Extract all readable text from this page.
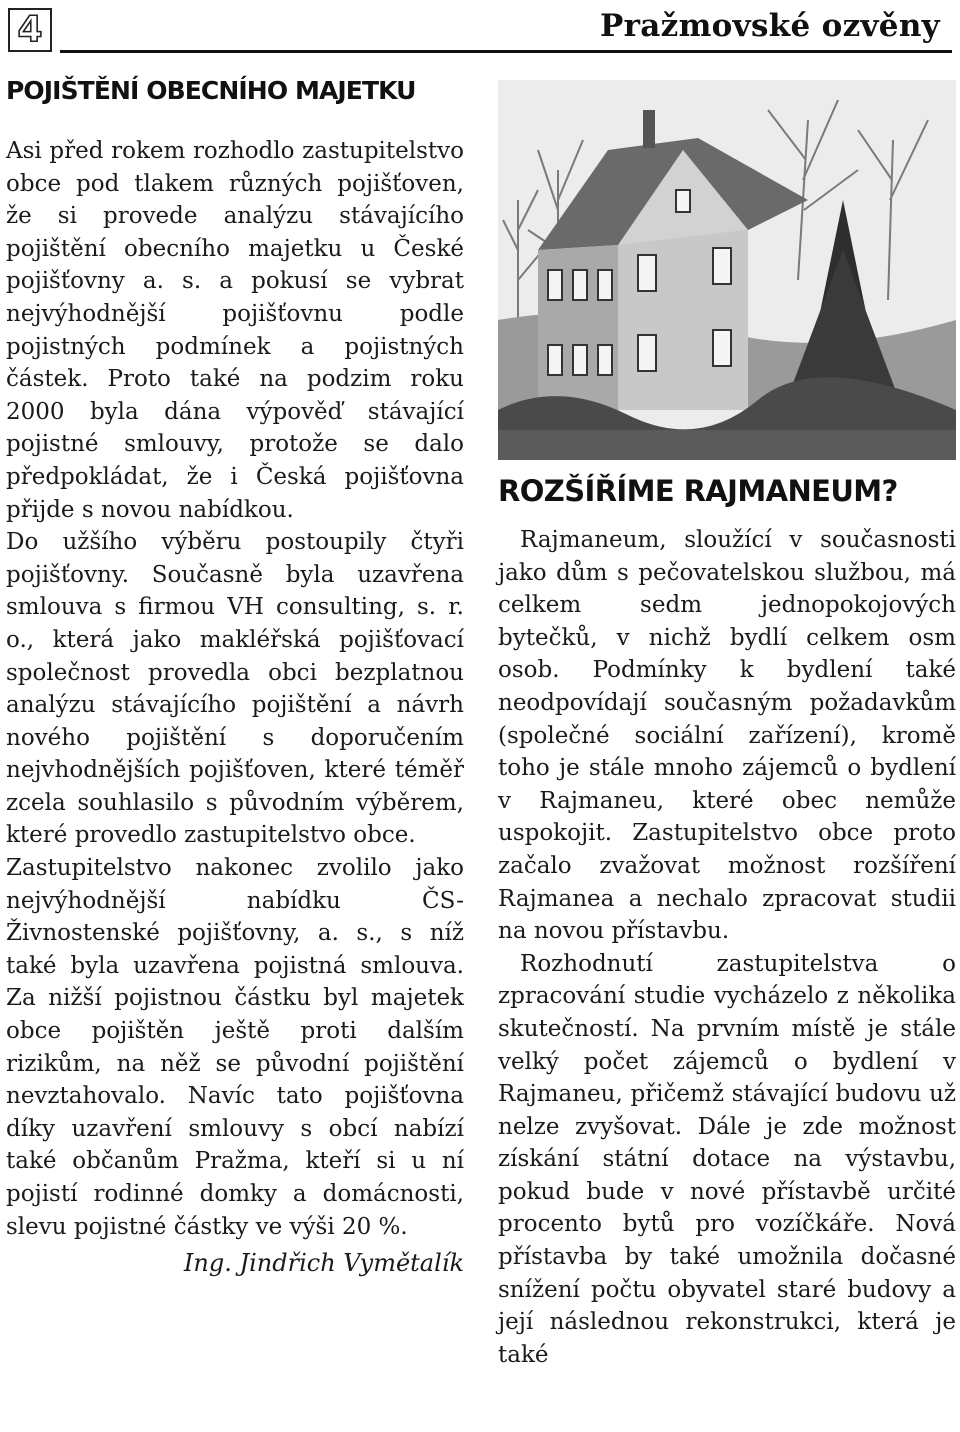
4	Pražmovské ozvěny
POJIŠTĚNÍ OBECNÍHO MAJETKU

Asi před rokem rozhodlo zastupitelstvo obce pod tlakem různých pojišťoven, že si provede analýzu stávajícího pojištění obecního majetku u České pojišťovny a. s. a pokusí se vybrat nejvýhodnější pojišťovnu podle pojistných podmínek a pojistných částek. Proto také na podzim roku 2000 byla dána výpověď stávající pojistné smlouvy, protože se dalo předpokládat, že i Česká pojišťovna přijde s novou nabídkou.

Do užšího výběru postoupily čtyři pojišťovny. Současně byla uzavřena smlouva s firmou VH consulting, s. r. o., která jako makléřská pojišťovací společnost provedla obci bezplatnou analýzu stávajícího pojištění a návrh nového pojištění s doporučením nejvhodnějších pojišťoven, které téměř zcela souhlasilo s původním výběrem, které provedlo zastupitelstvo obce.

Zastupitelstvo nakonec zvolilo jako nejvýhodnější nabídku ČS-Živnostenské pojišťovny, a. s., s níž také byla uzavřena pojistná smlouva. Za nižší pojistnou částku byl majetek obce pojištěn ještě proti dalším rizikům, na něž se původní pojištění nevztahovalo. Navíc tato pojišťovna díky uzavření smlouvy s obcí nabízí také občanům Pražma, kteří si u ní pojistí rodinné domky a domácnosti, slevu pojistné částky ve výši 20 %.

Ing. Jindřich Vymětalík
ROZŠÍŘÍME RAJMANEUM?

Rajmaneum, sloužící v současnosti jako dům s pečovatelskou službou, má celkem sedm jednopokojových bytečků, v nichž bydlí celkem osm osob. Podmínky k bydlení také neodpovídají současným požadavkům (společné sociální zařízení), kromě toho je stále mnoho zájemců o bydlení v Rajmaneu, které obec nemůže uspokojit. Zastupitelstvo obce proto začalo zvažovat možnost rozšíření Rajmanea a nechalo zpracovat studii na novou přístavbu.

Rozhodnutí zastupitelstva o zpracování studie vycházelo z několika skutečností. Na prvním místě je stále velký počet zájemců o bydlení v Rajmaneu, přičemž stávající budovu už nelze zvyšovat. Dále je zde možnost získání státní dotace na výstavbu, pokud bude v nové přístavbě určité procento bytů pro vozíčkáře. Nová přístavba by také umožnila dočasné snížení počtu obyvatel staré budovy a její následnou rekonstrukci, která je také
